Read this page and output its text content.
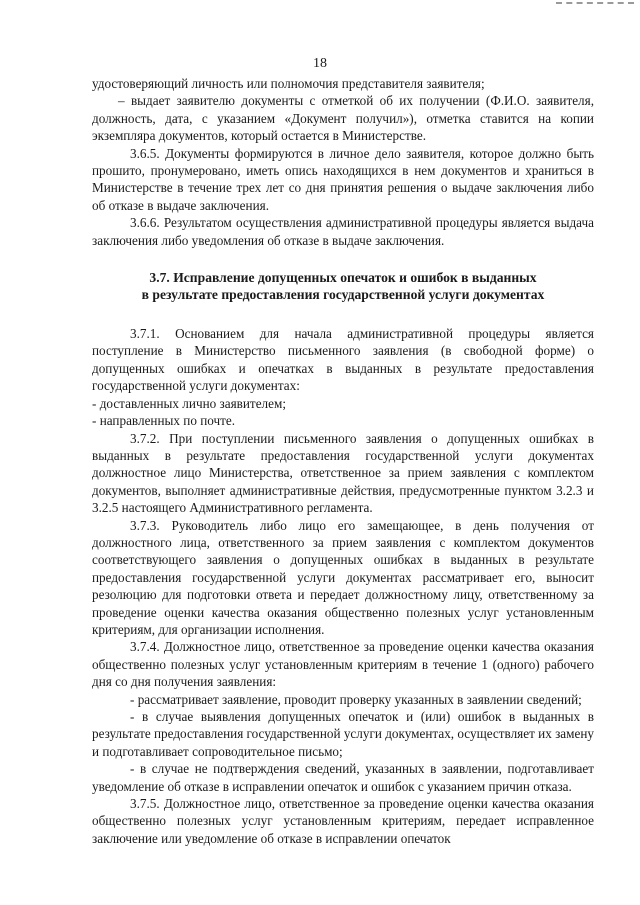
18

удостоверяющий личность или полномочия представителя заявителя;

– выдает заявителю документы с отметкой об их получении (Ф.И.О. заявителя, должность, дата, с указанием «Документ получил»), отметка ставится на копии экземпляра документов, который остается в Министерстве.

3.6.5. Документы формируются в личное дело заявителя, которое должно быть прошито, пронумеровано, иметь опись находящихся в нем документов и храниться в Министерстве в течение трех лет со дня принятия решения о выдаче заключения либо об отказе в выдаче заключения.

3.6.6. Результатом осуществления административной процедуры является выдача заключения либо уведомления об отказе в выдаче заключения.

3.7. Исправление допущенных опечаток и ошибок в выданных
в результате предоставления государственной услуги документах

3.7.1. Основанием для начала административной процедуры является поступление в Министерство письменного заявления (в свободной форме) о допущенных ошибках и опечатках в выданных в результате предоставления государственной услуги документах:

- доставленных лично заявителем;

- направленных по почте.

3.7.2. При поступлении письменного заявления о допущенных ошибках в выданных в результате предоставления государственной услуги документах должностное лицо Министерства, ответственное за прием заявления с комплектом документов, выполняет административные действия, предусмотренные пунктом 3.2.3 и 3.2.5 настоящего Административного регламента.

3.7.3. Руководитель либо лицо его замещающее, в день получения от должностного лица, ответственного за прием заявления с комплектом документов соответствующего заявления о допущенных ошибках в выданных в результате предоставления государственной услуги документах рассматривает его, выносит резолюцию для подготовки ответа и передает должностному лицу, ответственному за проведение оценки качества оказания общественно полезных услуг установленным критериям, для организации исполнения.

3.7.4. Должностное лицо, ответственное за проведение оценки качества оказания общественно полезных услуг установленным критериям в течение 1 (одного) рабочего дня со дня получения заявления:

- рассматривает заявление, проводит проверку указанных в заявлении сведений;

- в случае выявления допущенных опечаток и (или) ошибок в выданных в результате предоставления государственной услуги документах, осуществляет их замену и подготавливает сопроводительное письмо;

- в случае не подтверждения сведений, указанных в заявлении, подготавливает уведомление об отказе в исправлении опечаток и ошибок с указанием причин отказа.

3.7.5. Должностное лицо, ответственное за проведение оценки качества оказания общественно полезных услуг установленным критериям, передает исправленное заключение или уведомление об отказе в исправлении опечаток
